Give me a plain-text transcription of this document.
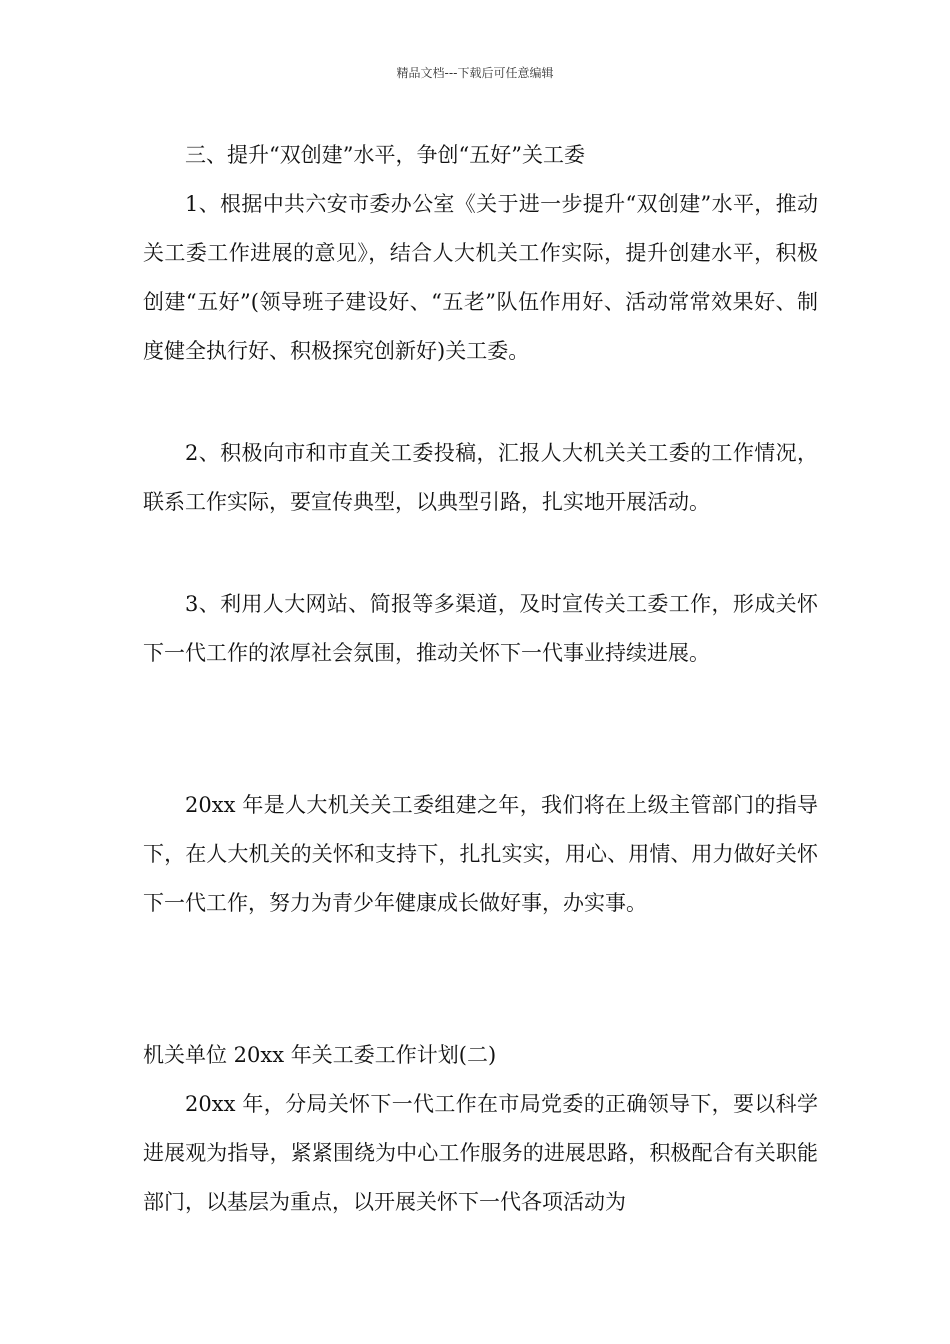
精品文档---下载后可任意编辑

三、提升“双创建”水平，争创“五好”关工委

1、根据中共六安市委办公室《关于进一步提升“双创建”水平，推动关工委工作进展的意见》，结合人大机关工作实际，提升创建水平，积极创建“五好”(领导班子建设好、“五老”队伍作用好、活动常常效果好、制度健全执行好、积极探究创新好)关工委。

2、积极向市和市直关工委投稿，汇报人大机关关工委的工作情况，联系工作实际，要宣传典型，以典型引路，扎实地开展活动。

3、利用人大网站、简报等多渠道，及时宣传关工委工作，形成关怀下一代工作的浓厚社会氛围，推动关怀下一代事业持续进展。

20xx 年是人大机关关工委组建之年，我们将在上级主管部门的指导下，在人大机关的关怀和支持下，扎扎实实，用心、用情、用力做好关怀下一代工作，努力为青少年健康成长做好事，办实事。

机关单位 20xx 年关工委工作计划(二)

20xx 年，分局关怀下一代工作在市局党委的正确领导下，要以科学进展观为指导，紧紧围绕为中心工作服务的进展思路，积极配合有关职能部门，以基层为重点，以开展关怀下一代各项活动为
